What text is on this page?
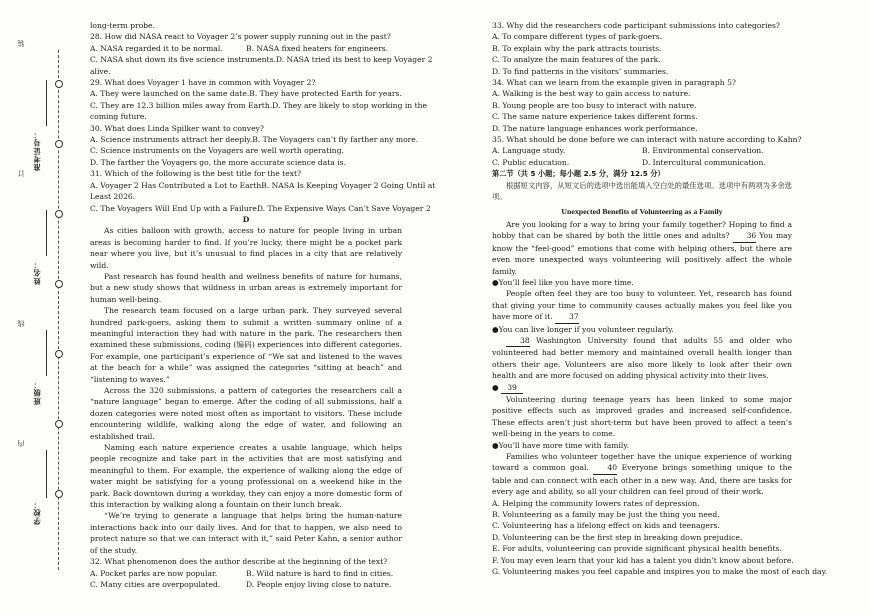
装
订
线
内
学校：
班级：
姓名：
准考证号：
long-term probe.
28. How did NASA react to Voyager 2’s power supply running out in the past?
A. NASA regarded it to be normal.	B. NASA fixed heaters for engineers.
C. NASA shut down its five science instruments. D. NASA tried its best to keep Voyager 2
alive.
29. What does Voyager 1 have in common with Voyager 2?
A. They were launched on the same date. B. They have protected Earth for years.
C. They are 12.3 billion miles away from Earth. D. They are likely to stop working in the
coming future.
30. What does Linda Spilker want to convey?
A. Science instruments attract her deeply. B. The Voyagers can’t fly farther any more.
C. Science instruments on the Voyagers are well worth operating.
D. The farther the Voyagers go, the more accurate science data is.
31. Which of the following is the best title for the text?
A. Voyager 2 Has Contributed a Lot to Earth B. NASA Is Keeping Voyager 2 Going Until at
Least 2026.
C. The Voyagers Will End Up with a Failure D. The Expensive Ways Can’t Save Voyager 2
D
As cities balloon with growth, access to nature for people living in urban areas is becoming harder to find. If you’re lucky, there might be a pocket park near where you live, but it’s unusual to find places in a city that are relatively wild.
Past research has found health and wellness benefits of nature for humans, but a new study shows that wildness in urban areas is extremely important for human well-being.
The research team focused on a large urban park. They surveyed several hundred park-goers, asking them to submit a written summary online of a meaningful interaction they had with nature in the park. The researchers then examined these submissions, coding (编码) experiences into different categories. For example, one participant’s experience of “We sat and listened to the waves at the beach for a while” was assigned the categories “sitting at beach” and “listening to waves.”
Across the 320 submissions, a pattern of categories the researchers call a “nature language” began to emerge. After the coding of all submissions, half a dozen categories were noted most often as important to visitors. These include encountering wildlife, walking along the edge of water, and following an established trail.
Naming each nature experience creates a usable language, which helps people recognize and take part in the activities that are most satisfying and meaningful to them. For example, the experience of walking along the edge of water might be satisfying for a young professional on a weekend hike in the park. Back downtown during a workday, they can enjoy a more domestic form of this interaction by walking along a fountain on their lunch break.
“We’re trying to generate a language that helps bring the human-nature interactions back into our daily lives. And for that to happen, we also need to protect nature so that we can interact with it,” said Peter Kahn, a senior author of the study.
32. What phenomenon does the author describe at the beginning of the text?
A. Pocket parks are now popular.	B. Wild nature is hard to find in cities.
C. Many cities are overpopulated.	D. People enjoy living close to nature.
33. Why did the researchers code participant submissions into categories?
A. To compare different types of park-goers.
B. To explain why the park attracts tourists.
C. To analyze the main features of the park.
D. To find patterns in the visitors’ summaries.
34. What can we learn from the example given in paragraph 5?
A. Walking is the best way to gain access to nature.
B. Young people are too busy to interact with nature.
C. The same nature experience takes different forms.
D. The nature language enhances work performance.
35. What should be done before we can interact with nature according to Kahn?
A. Language study.	B. Environmental conservation.
C. Public education.	D. Intercultural communication.
第二节（共 5 小题；每小题 2.5 分，满分 12.5 分）
根据短文内容，从短文后的选项中选出能填入空白处的最佳选项。选项中有两项为多余选项。
Unexpected Benefits of Volunteering as a Family
Are you looking for a way to bring your family together? Hoping to find a hobby that can be shared by both the little ones and adults? 36 You may know the “feel-good” emotions that come with helping others, but there are even more unexpected ways volunteering will positively affect the whole family.
●You’ll feel like you have more time.
People often feel they are too busy to volunteer. Yet, research has found that giving your time to community causes actually makes you feel like you have more of it. 37
●You can live longer if you volunteer regularly.
38 Washington University found that adults 55 and older who volunteered had better memory and maintained overall health longer than others their age. Volunteers are also more likely to look after their own health and are more focused on adding physical activity into their lives.
● 39
Volunteering during teenage years has been linked to some major positive effects such as improved grades and increased self-confidence. These effects aren’t just short-term but have been proved to affect a teen’s well-being in the years to come.
●You’ll have more time with family.
Families who volunteer together have the unique experience of working toward a common goal. 40 Everyone brings something unique to the table and can connect with each other in a new way. And, there are tasks for every age and ability, so all your children can feel proud of their work.
A. Helping the community lowers rates of depression.
B. Volunteering as a family may be just the thing you need.
C. Volunteering has a lifelong effect on kids and teenagers.
D. Volunteering can be the first step in breaking down prejudice.
E. For adults, volunteering can provide significant physical health benefits.
F. You may even learn that your kid has a talent you didn’t know about before.
G. Volunteering makes you feel capable and inspires you to make the most of each day.
